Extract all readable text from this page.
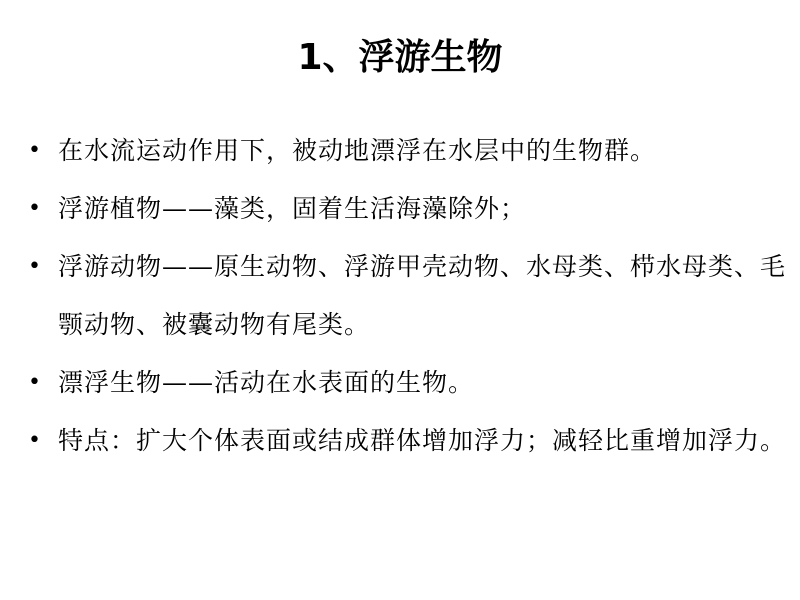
1、浮游生物
• 在水流运动作用下，被动地漂浮在水层中的生物群。
• 浮游植物——藻类，固着生活海藻除外；
• 浮游动物——原生动物、浮游甲壳动物、水母类、栉水母类、毛颚动物、被囊动物有尾类。
• 漂浮生物——活动在水表面的生物。
• 特点：扩大个体表面或结成群体增加浮力；减轻比重增加浮力。
